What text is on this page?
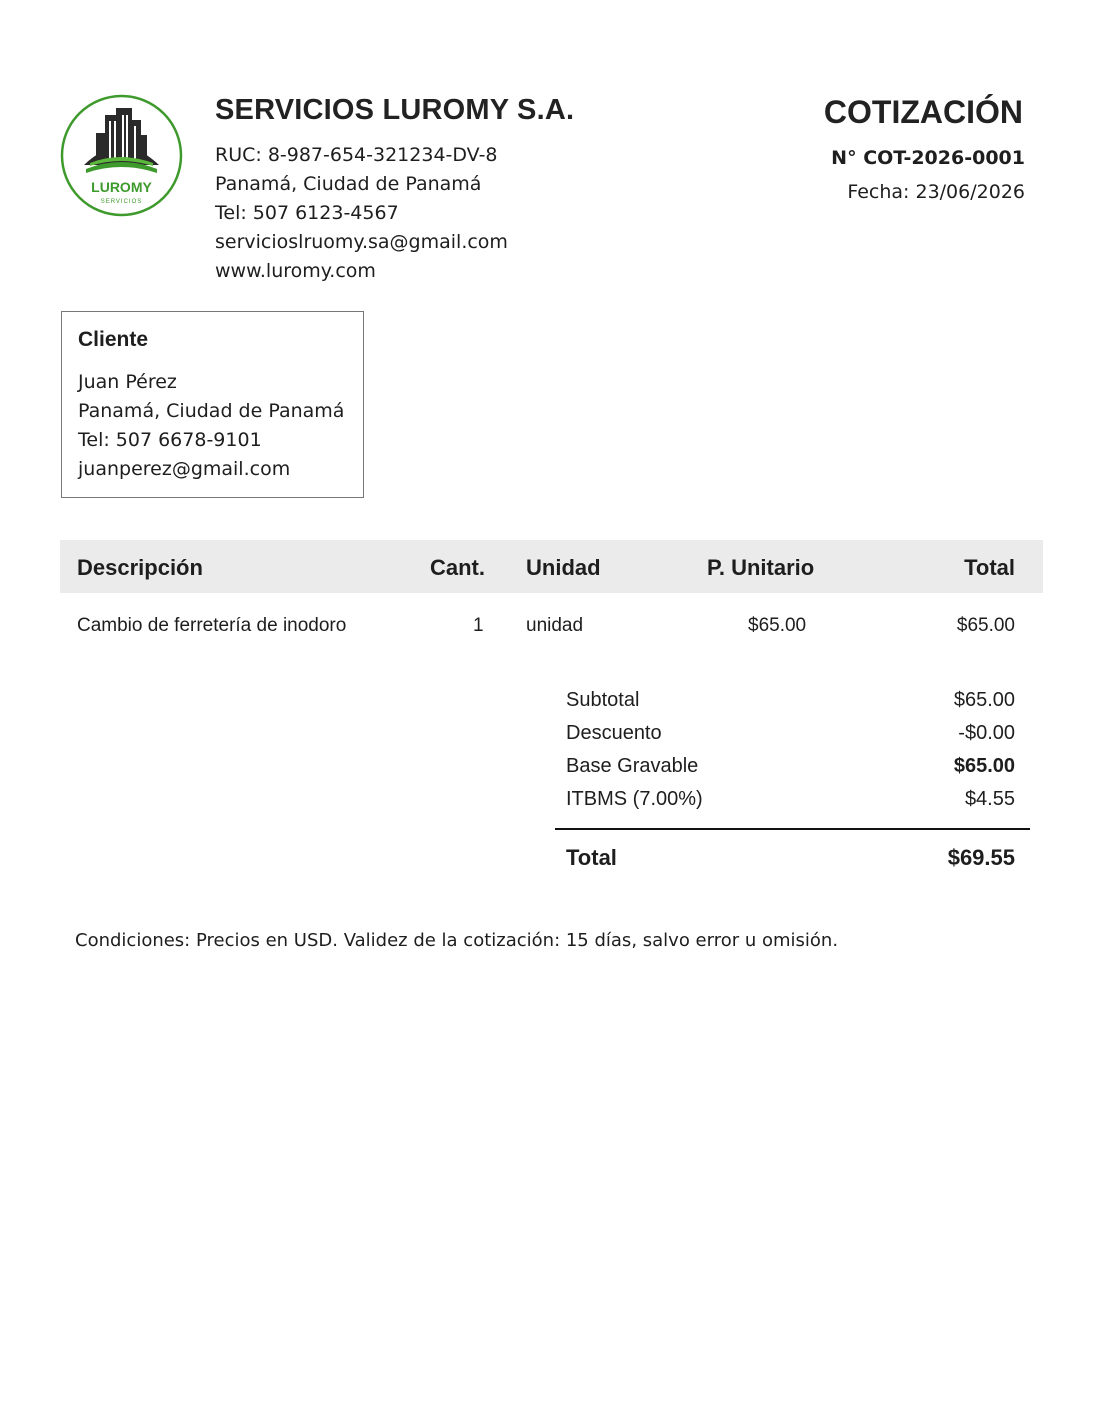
LUROMY
SERVICIOS
SERVICIOS LUROMY S.A.
RUC: 8-987-654-321234-DV-8
Panamá, Ciudad de Panamá
Tel: 507 6123-4567
servicioslruomy.sa@gmail.com
www.luromy.com
COTIZACIÓN
N° COT-2026-0001
Fecha: 23/06/2026
Cliente
Juan Pérez
Panamá, Ciudad de Panamá
Tel: 507 6678-9101
juanperez@gmail.com
Descripción	Cant. Unidad	P. Unitario	Total
Cambio de ferretería de inodoro	1 unidad	$65.00	$65.00
Subtotal	$65.00
Descuento	-$0.00
Base Gravable	$65.00
ITBMS (7.00%)	$4.55
Total	$69.55
Condiciones: Precios en USD. Validez de la cotización: 15 días, salvo error u omisión.
